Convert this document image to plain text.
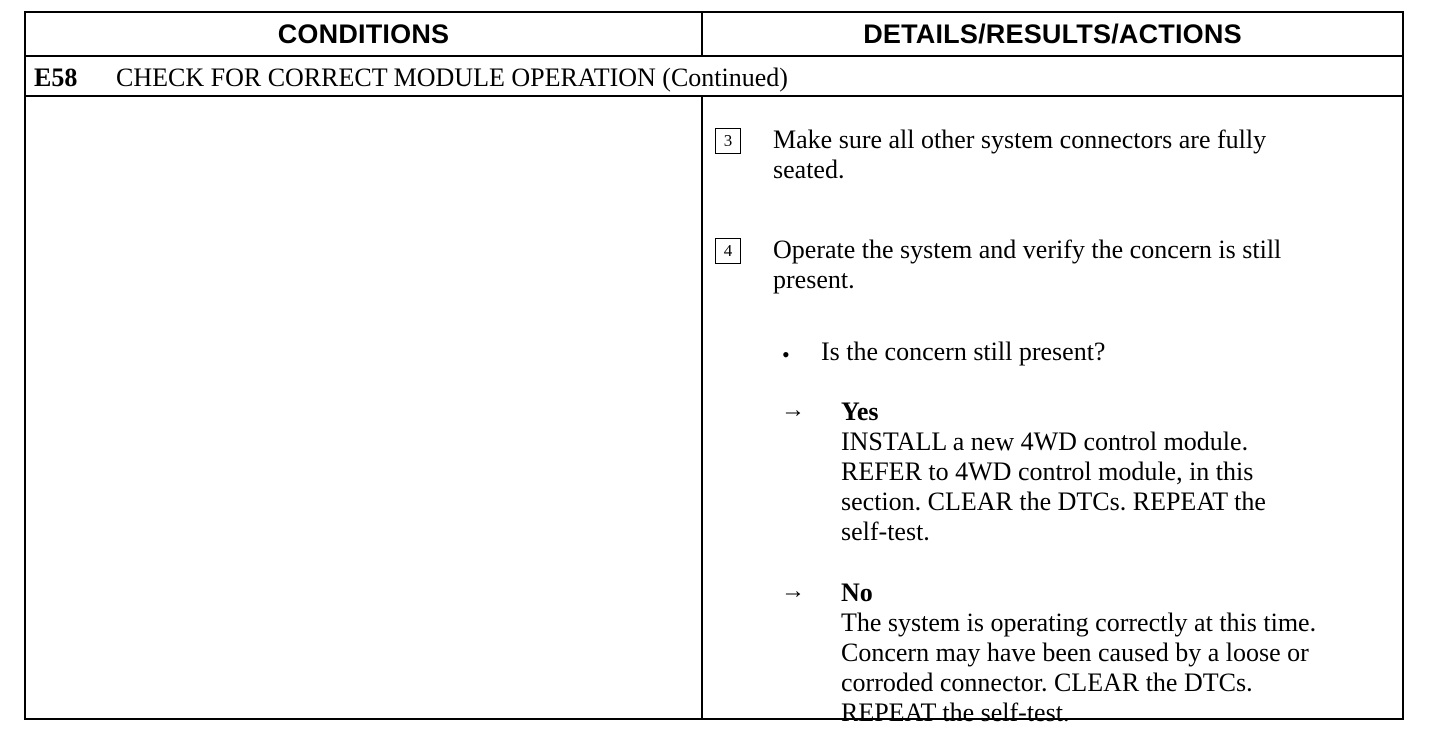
CONDITIONS	DETAILS/RESULTS/ACTIONS
E58 CHECK FOR CORRECT MODULE OPERATION (Continued)
3	Make sure all other system connectors are fully
seated.
4	Operate the system and verify the concern is still
present.
• Is the concern still present?
→ Yes
INSTALL a new 4WD control module.
REFER to 4WD control module, in this
section. CLEAR the DTCs. REPEAT the
self-test.
→ No
The system is operating correctly at this time.
Concern may have been caused by a loose or
corroded connector. CLEAR the DTCs.
REPEAT the self-test.
